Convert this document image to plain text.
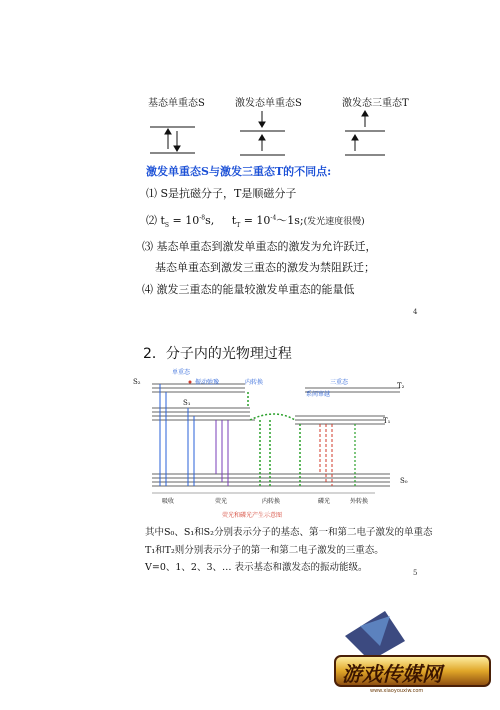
基态单重态S	激发态单重态S	激发态三重态T
激发单重态S与激发三重态T的不同点:
⑴ S是抗磁分子，T是顺磁分子
⑵ $t_S = 10^{-8}s$, $t_T$ = $10^{-4}\sim 1s$;(发光速度很慢)
⑶ 基态单重态到激发单重态的激发为允许跃迁，
基态单重态到激发三重态的激发为禁阻跃迁；
⑷ 激发三重态的能量较激发单重态的能量低
4
2．分子内的光物理过程
S₂
S₁
S₀
T₁
T₂
单重态
振动弛豫	内转换	三重态
系间窜越
吸收	荧光	内转换	磷光	外转换
荧光和磷光产生示意图
其中S₀、S₁和S₂分别表示分子的基态、第一和第二电子激发的单重态
T₁和T₂则分别表示分子的第一和第二电子激发的三重态。
V=0、1、2、3、… 表示基态和激发态的振动能级。	5
游戏传媒网
www.xiaoyouxiw.com
